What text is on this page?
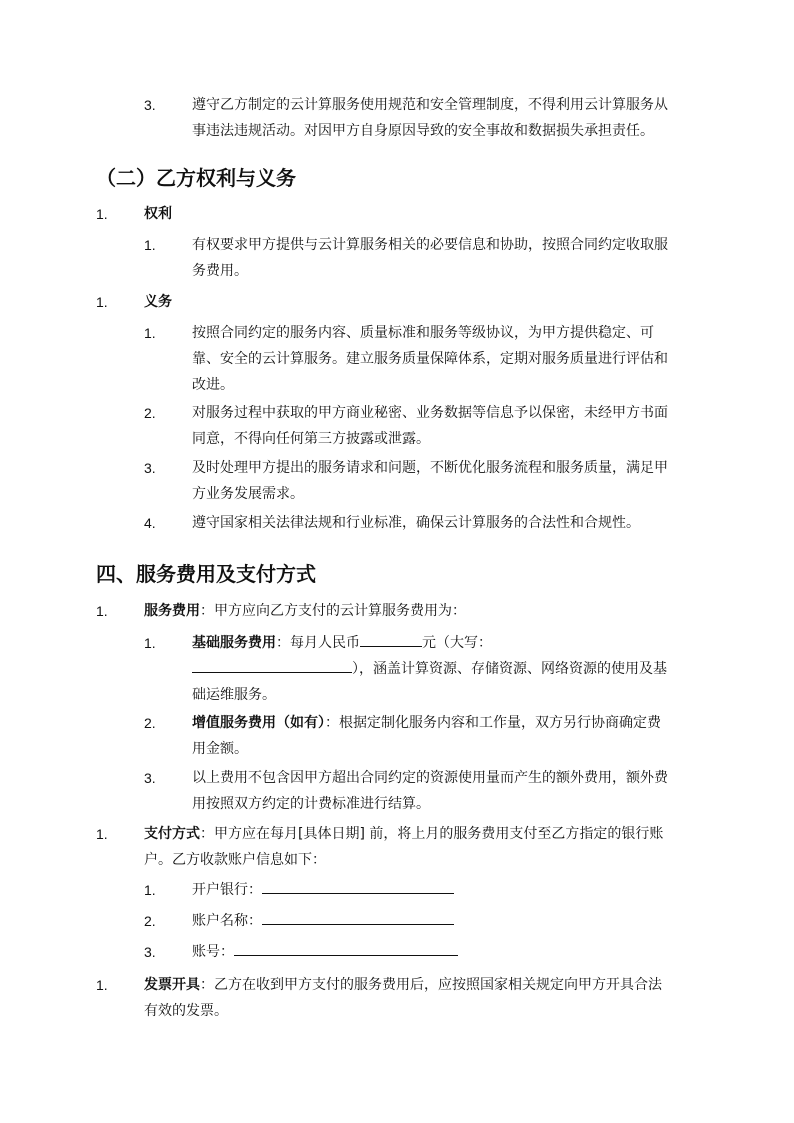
3.	遵守乙方制定的云计算服务使用规范和安全管理制度，不得利用云计算服务从
事违法违规活动。对因甲方自身原因导致的安全事故和数据损失承担责任。
（二）乙方权利与义务
1.	权利
1.	有权要求甲方提供与云计算服务相关的必要信息和协助，按照合同约定收取服
务费用。
1.	义务
1.	按照合同约定的服务内容、质量标准和服务等级协议，为甲方提供稳定、可
靠、安全的云计算服务。建立服务质量保障体系，定期对服务质量进行评估和
改进。
2.	对服务过程中获取的甲方商业秘密、业务数据等信息予以保密，未经甲方书面
同意，不得向任何第三方披露或泄露。
3.	及时处理甲方提出的服务请求和问题，不断优化服务流程和服务质量，满足甲
方业务发展需求。
4.	遵守国家相关法律法规和行业标准，确保云计算服务的合法性和合规性。
四、服务费用及支付方式
1.	服务费用：甲方应向乙方支付的云计算服务费用为：
1.	基础服务费用：每月人民币	元（大写：
），涵盖计算资源、存储资源、网络资源的使用及基
础运维服务。
2.	增值服务费用（如有）：根据定制化服务内容和工作量，双方另行协商确定费
用金额。
3.	以上费用不包含因甲方超出合同约定的资源使用量而产生的额外费用，额外费
用按照双方约定的计费标准进行结算。
1.	支付方式：甲方应在每月[具体日期] 前，将上月的服务费用支付至乙方指定的银行账
户。乙方收款账户信息如下：
1.	开户银行：
2.	账户名称：
3.	账号：
1.	发票开具：乙方在收到甲方支付的服务费用后，应按照国家相关规定向甲方开具合法
有效的发票。
